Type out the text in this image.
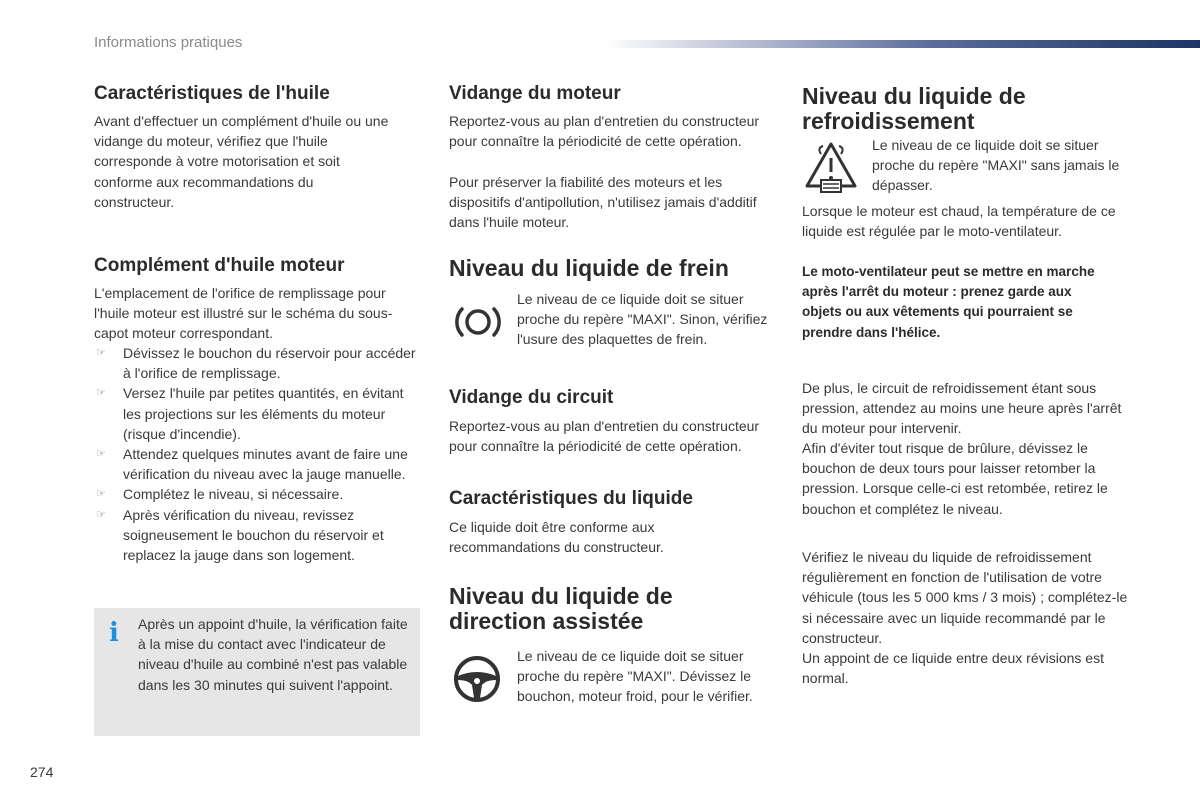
Informations pratiques
Caractéristiques de l'huile

Avant d'effectuer un complément d'huile ou une vidange du moteur, vérifiez que l'huile corresponde à votre motorisation et soit conforme aux recommandations du constructeur.

Complément d'huile moteur

L'emplacement de l'orifice de remplissage pour l'huile moteur est illustré sur le schéma du sous-capot moteur correspondant.

☞ Dévissez le bouchon du réservoir pour accéder à l'orifice de remplissage.
☞ Versez l'huile par petites quantités, en évitant les projections sur les éléments du moteur (risque d'incendie).
☞ Attendez quelques minutes avant de faire une vérification du niveau avec la jauge manuelle.
☞ Complétez le niveau, si nécessaire.
☞ Après vérification du niveau, revissez soigneusement le bouchon du réservoir et replacez la jauge dans son logement.
i Après un appoint d'huile, la vérification faite à la mise du contact avec l'indicateur de niveau d'huile au combiné n'est pas valable dans les 30 minutes qui suivent l'appoint.

Vidange du moteur

Reportez-vous au plan d'entretien du constructeur pour connaître la périodicité de cette opération.

Pour préserver la fiabilité des moteurs et les dispositifs d'antipollution, n'utilisez jamais d'additif dans l'huile moteur.

Niveau du liquide de frein

Le niveau de ce liquide doit se situer proche du repère "MAXI". Sinon, vérifiez l'usure des plaquettes de frein.

Vidange du circuit

Reportez-vous au plan d'entretien du constructeur pour connaître la périodicité de cette opération.

Caractéristiques du liquide

Ce liquide doit être conforme aux recommandations du constructeur.

Niveau du liquide de direction assistée

Le niveau de ce liquide doit se situer proche du repère "MAXI". Dévissez le bouchon, moteur froid, pour le vérifier.

Niveau du liquide de refroidissement

Le niveau de ce liquide doit se situer proche du repère "MAXI" sans jamais le dépasser.

Lorsque le moteur est chaud, la température de ce liquide est régulée par le moto-ventilateur.

Le moto-ventilateur peut se mettre en marche après l'arrêt du moteur : prenez garde aux objets ou aux vêtements qui pourraient se prendre dans l'hélice.

De plus, le circuit de refroidissement étant sous pression, attendez au moins une heure après l'arrêt du moteur pour intervenir.

Afin d'éviter tout risque de brûlure, dévissez le bouchon de deux tours pour laisser retomber la pression. Lorsque celle-ci est retombée, retirez le bouchon et complétez le niveau.

Vérifiez le niveau du liquide de refroidissement régulièrement en fonction de l'utilisation de votre véhicule (tous les 5 000 kms / 3 mois) ; complétez-le si nécessaire avec un liquide recommandé par le constructeur.

Un appoint de ce liquide entre deux révisions est normal.

274
